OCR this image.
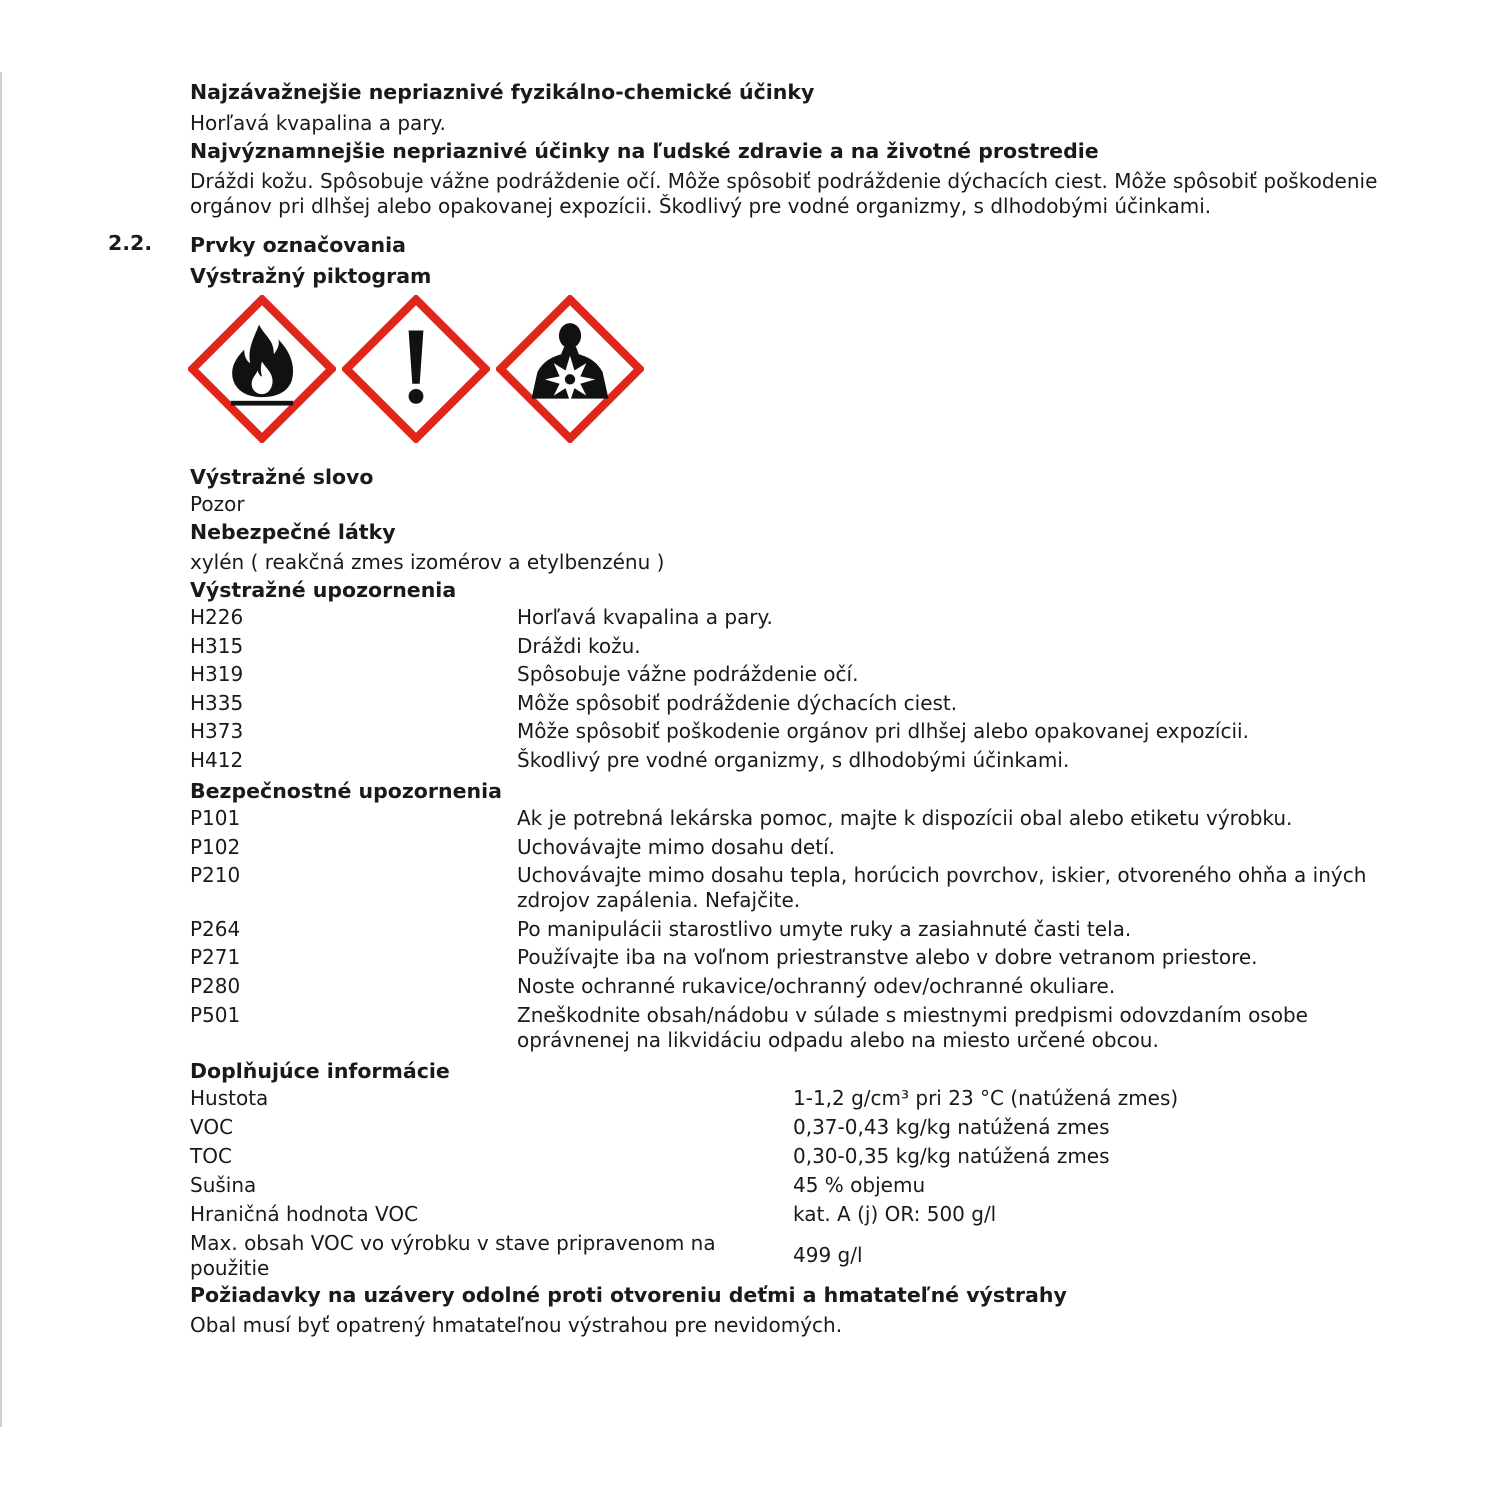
Najzávažnejšie nepriaznivé fyzikálno-chemické účinky
Horľavá kvapalina a pary.
Najvýznamnejšie nepriaznivé účinky na ľudské zdravie a na životné prostredie
Dráždi kožu. Spôsobuje vážne podráždenie očí. Môže spôsobiť podráždenie dýchacích ciest. Môže spôsobiť poškodenie
orgánov pri dlhšej alebo opakovanej expozícii. Škodlivý pre vodné organizmy, s dlhodobými účinkami.
2.2. Prvky označovania
Výstražný piktogram
Výstražné slovo
Pozor
Nebezpečné látky
xylén ( reakčná zmes izomérov a etylbenzénu )
Výstražné upozornenia
H226	Horľavá kvapalina a pary.
H315	Dráždi kožu.
H319	Spôsobuje vážne podráždenie očí.
H335	Môže spôsobiť podráždenie dýchacích ciest.
H373	Môže spôsobiť poškodenie orgánov pri dlhšej alebo opakovanej expozícii.
H412	Škodlivý pre vodné organizmy, s dlhodobými účinkami.
Bezpečnostné upozornenia
P101	Ak je potrebná lekárska pomoc, majte k dispozícii obal alebo etiketu výrobku.
P102	Uchovávajte mimo dosahu detí.
P210	Uchovávajte mimo dosahu tepla, horúcich povrchov, iskier, otvoreného ohňa a iných
zdrojov zapálenia. Nefajčite.

P264	Po manipulácii starostlivo umyte ruky a zasiahnuté časti tela.
P271	Používajte iba na voľnom priestranstve alebo v dobre vetranom priestore.
P280	Noste ochranné rukavice/ochranný odev/ochranné okuliare.
P501	Zneškodnite obsah/nádobu v súlade s miestnymi predpismi odovzdaním osobe
oprávnenej na likvidáciu odpadu alebo na miesto určené obcou.
Doplňujúce informácie
Hustota	1-1,2 g/cm³ pri 23 °C (natúžená zmes)
VOC	0,37-0,43 kg/kg natúžená zmes
TOC	0,30-0,35 kg/kg natúžená zmes
Sušina	45 % objemu
Hraničná hodnota VOC	kat. A (j) OR: 500 g/l

Max. obsah VOC vo výrobku v stave pripravenom na
použitie	499 g/l
Požiadavky na uzávery odolné proti otvoreniu deťmi a hmatateľné výstrahy
Obal musí byť opatrený hmatateľnou výstrahou pre nevidomých.
